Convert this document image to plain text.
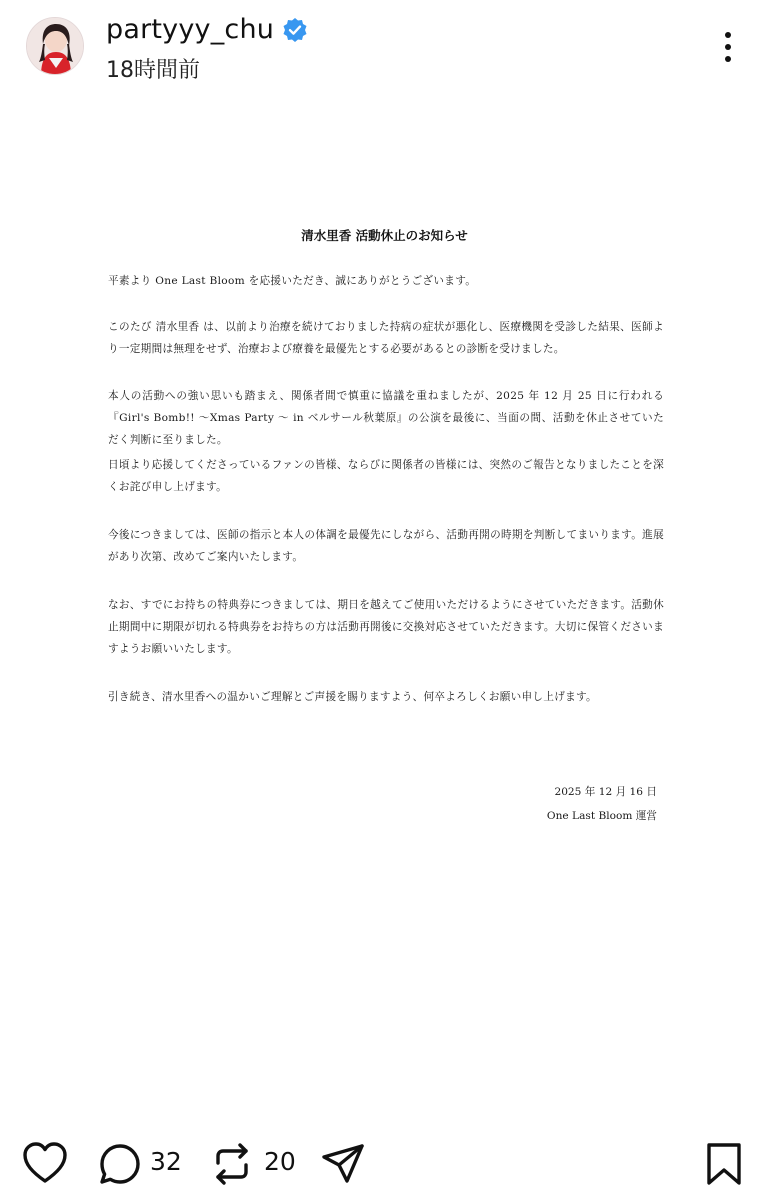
partyyy_chu
18時間前
清水里香 活動休止のお知らせ

平素より One Last Bloom を応援いただき、誠にありがとうございます。

このたび 清水里香 は、以前より治療を続けておりました持病の症状が悪化し、医療機関を受診した結果、医師より一定期間は無理をせず、治療および療養を最優先とする必要があるとの診断を受けました。

本人の活動への強い思いも踏まえ、関係者間で慎重に協議を重ねましたが、2025 年 12 月 25 日に行われる『Girl's Bomb!! 〜Xmas Party 〜 in ベルサール秋葉原』の公演を最後に、当面の間、活動を休止させていただく判断に至りました。

日頃より応援してくださっているファンの皆様、ならびに関係者の皆様には、突然のご報告となりましたことを深くお詫び申し上げます。

今後につきましては、医師の指示と本人の体調を最優先にしながら、活動再開の時期を判断してまいります。進展があり次第、改めてご案内いたします。

なお、すでにお持ちの特典券につきましては、期日を越えてご使用いただけるようにさせていただきます。活動休止期間中に期限が切れる特典券をお持ちの方は活動再開後に交換対応させていただきます。大切に保管くださいますようお願いいたします。

引き続き、清水里香への温かいご理解とご声援を賜りますよう、何卒よろしくお願い申し上げます。

2025 年 12 月 16 日
One Last Bloom 運営
32	20
